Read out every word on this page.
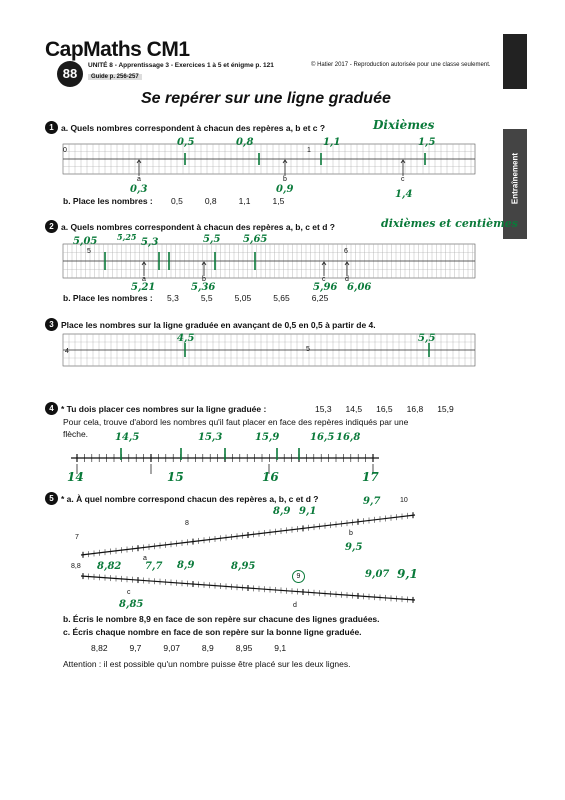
CapMaths CM1
88
UNITÉ 8 - Apprentissage 3 - Exercices 1 à 5 et énigme p. 121
Guide p. 256-257
© Hatier 2017 - Reproduction autorisée pour une classe seulement.
Entraînement
Se repérer sur une ligne graduée
1 a. Quels nombres correspondent à chacun des repères a, b et c ?	Dixièmes
0	1
0,5	0,8	1,1	1,5
a	b	c
0,3	0,9	1,4
b. Place les nombres : 0,5	0,8	1,1	1,5
2 a. Quels nombres correspondent à chacun des repères a, b, c et d ?	dixièmes et centièmes
5,05 5,25 5,3	5,5 5,65
5	6
a	b	c	d
5,21	5,36	5,96 6,06
b. Place les nombres : 5,3	5,5	5,05	5,65	6,25
3 Place les nombres sur la ligne graduée en avançant de 0,5 en 0,5 à partir de 4.
4,5	5,5
4	5
4 * Tu dois placer ces nombres sur la ligne graduée :	15,3 14,5 16,5 16,8 15,9
Pour cela, trouve d'abord les nombres qu'il faut placer en face des repères indiqués par une
flèche.	14,5	15,3	15,9	16,5 16,8
14	15	16	17
5 * a. À quel nombre correspond chacun des repères a, b, c et d ?
7
8
10
8,9 9,1
9,7
b
9,5
a
8,8 8,82 7,7 8,9	8,95
9	9,07 9,1
c
8,85	d
b. Écris le nombre 8,9 en face de son repère sur chacune des lignes graduées.
c. Écris chaque nombre en face de son repère sur la bonne ligne graduée.
8,82	9,7	9,07	8,9	8,95	9,1
Attention : il est possible qu'un nombre puisse être placé sur les deux lignes.
